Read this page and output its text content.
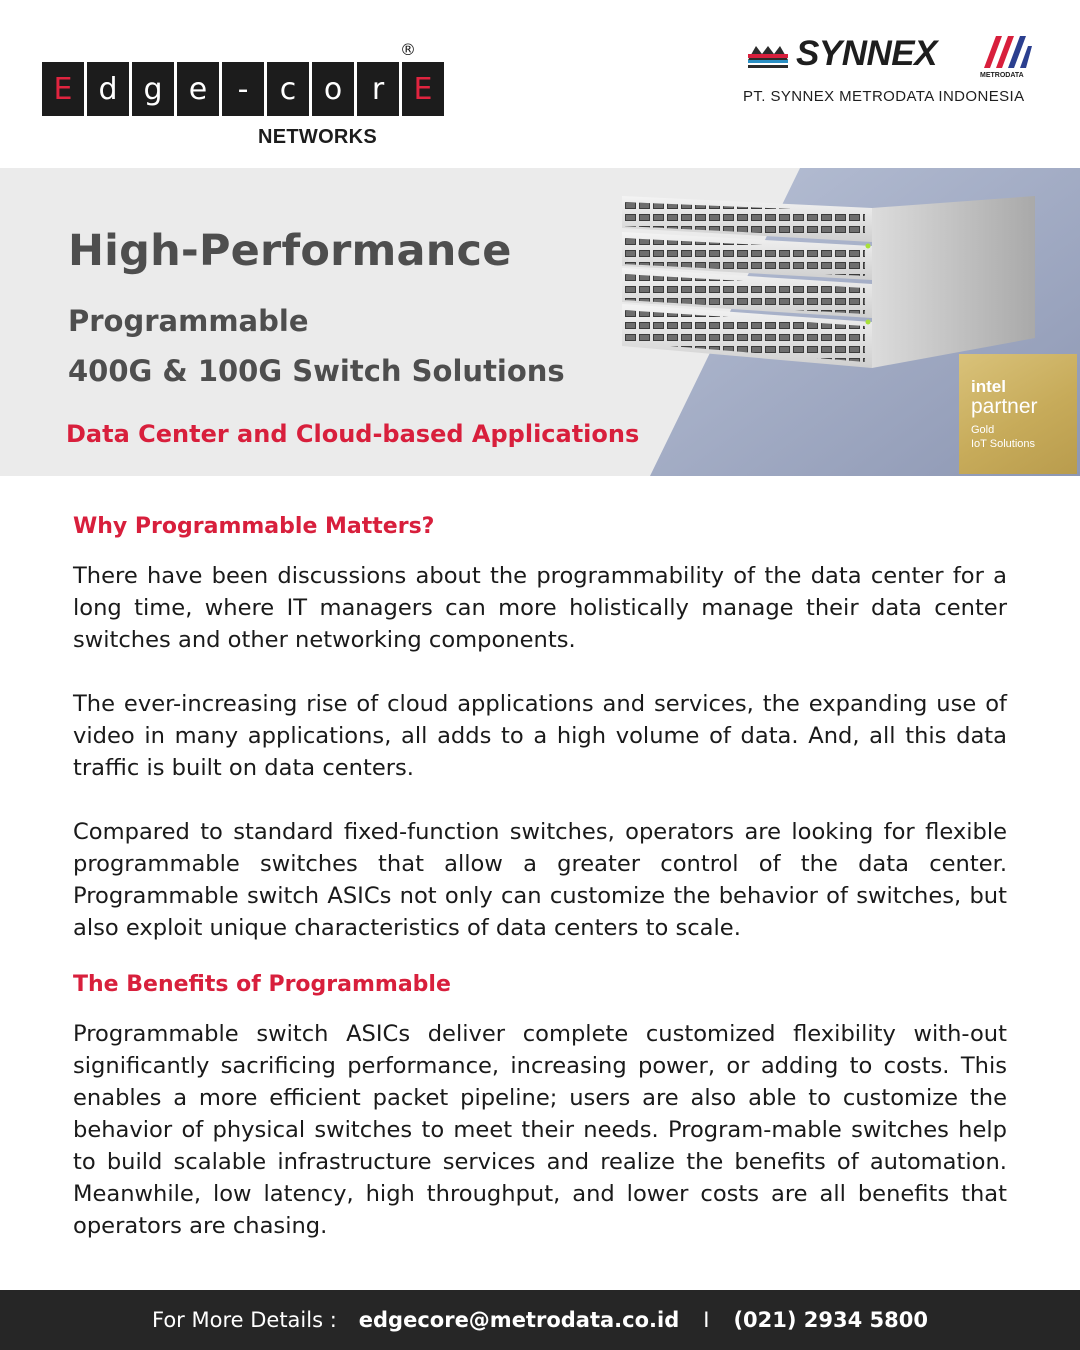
E d g e	-	c o r E
®
NETWORKS
SYNNEX
METRODATA
PT. SYNNEX METRODATA INDONESIA
High-Performance
Programmable
400G & 100G Switch Solutions
Data Center and Cloud-based Applications
intel
partner
Gold
IoT Solutions
Why Programmable Matters?
There have been discussions about the programmability of the data center for a long time, where IT managers can more holistically manage their data center switches and other networking components.
The ever-increasing rise of cloud applications and services, the expanding use of video in many applications, all adds to a high volume of data. And, all this data traffic is built on data centers.
Compared to standard fixed-function switches, operators are looking for flexible programmable switches that allow a greater control of the data center. Programmable switch ASICs not only can customize the behavior of switches, but also exploit unique characteristics of data centers to scale.
The Benefits of Programmable
Programmable switch ASICs deliver complete customized flexibility with-out significantly sacrificing performance, increasing power, or adding to costs. This enables a more efficient packet pipeline; users are also able to customize the behavior of physical switches to meet their needs. Program-mable switches help to build scalable infrastructure services and realize the benefits of automation. Meanwhile, low latency, high throughput, and lower costs are all benefits that operators are chasing.
For More Details : edgecore@metrodata.co.id I (021) 2934 5800
